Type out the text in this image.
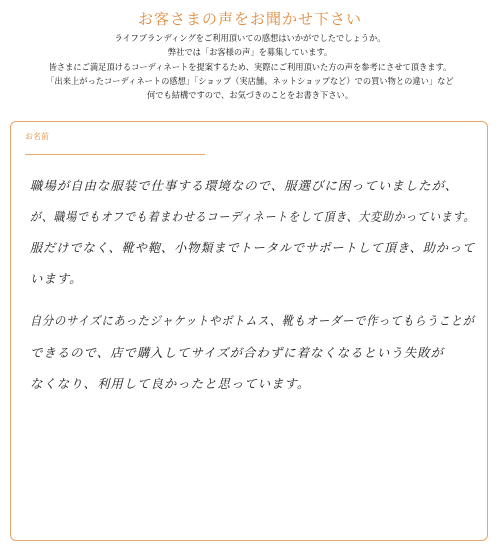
お客さまの声をお聞かせ下さい
ライフブランディングをご利用頂いての感想はいかがでしたでしょうか。
弊社では「お客様の声」を募集しています。
皆さまにご満足頂けるコーディネートを提案するため、実際にご利用頂いた方の声を参考にさせて頂きます。
「出来上がったコーディネートの感想」「ショップ（実店舗、ネットショップなど）での買い物との違い」など
何でも結構ですので、お気づきのことをお書き下さい。
お名前
職場が自由な服装で仕事する環境なので、服選びに困っていましたが、
が、職場でもオフでも着まわせるコーディネートをして頂き、大変助かっています。
服だけでなく、靴や鞄、小物類までトータルでサポートして頂き、助かって
います。
自分のサイズにあったジャケットやボトムス、靴もオーダーで作ってもらうことが
できるので、店で購入してサイズが合わずに着なくなるという失敗が
なくなり、利用して良かったと思っています。
